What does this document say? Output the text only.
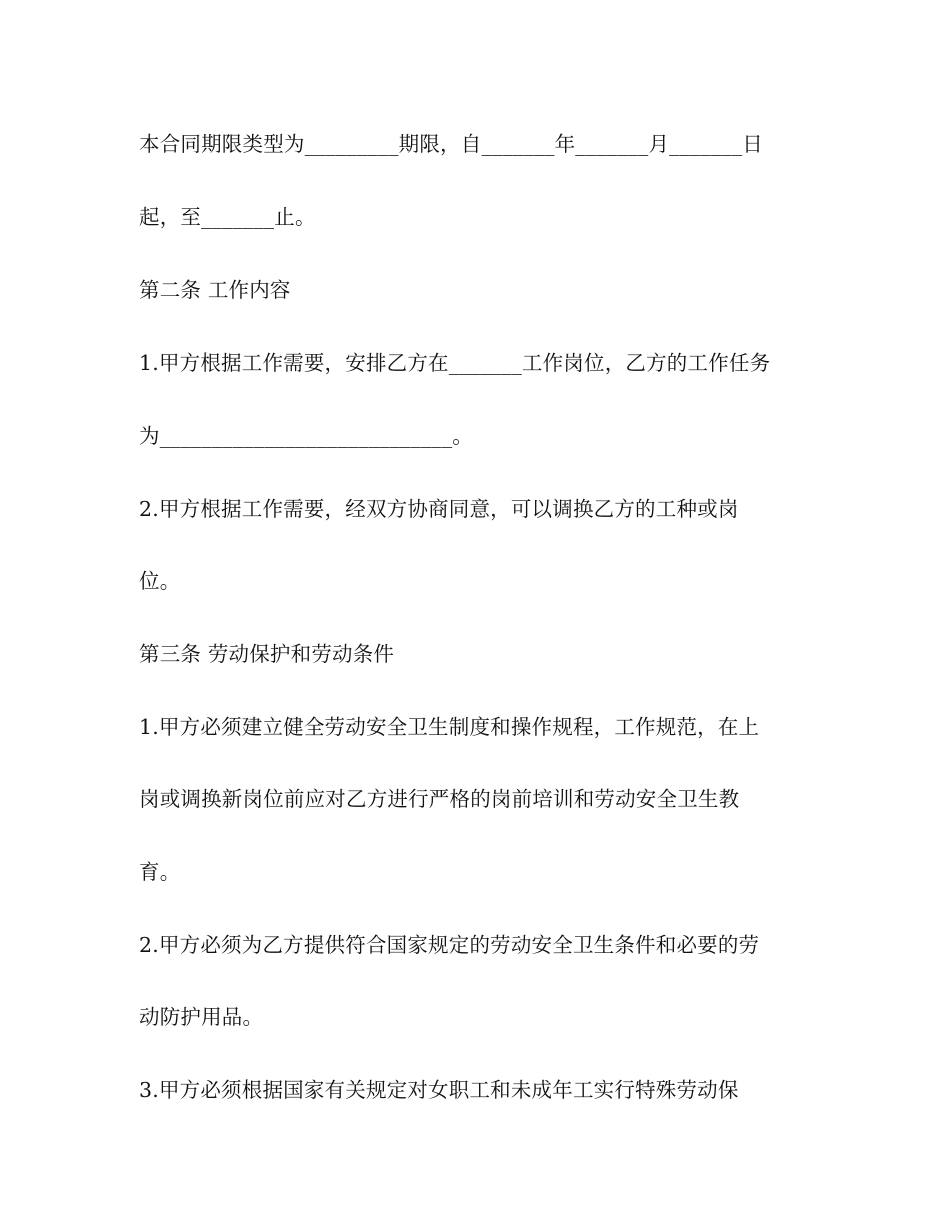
本合同期限类型为_________期限，自_______年_______月_______日
起，至_______止。
第二条 工作内容
1.甲方根据工作需要，安排乙方在_______工作岗位，乙方的工作任务
为____________________________。
2.甲方根据工作需要，经双方协商同意，可以调换乙方的工种或岗
位。
第三条 劳动保护和劳动条件
1.甲方必须建立健全劳动安全卫生制度和操作规程，工作规范，在上
岗或调换新岗位前应对乙方进行严格的岗前培训和劳动安全卫生教
育。
2.甲方必须为乙方提供符合国家规定的劳动安全卫生条件和必要的劳
动防护用品。
3.甲方必须根据国家有关规定对女职工和未成年工实行特殊劳动保
